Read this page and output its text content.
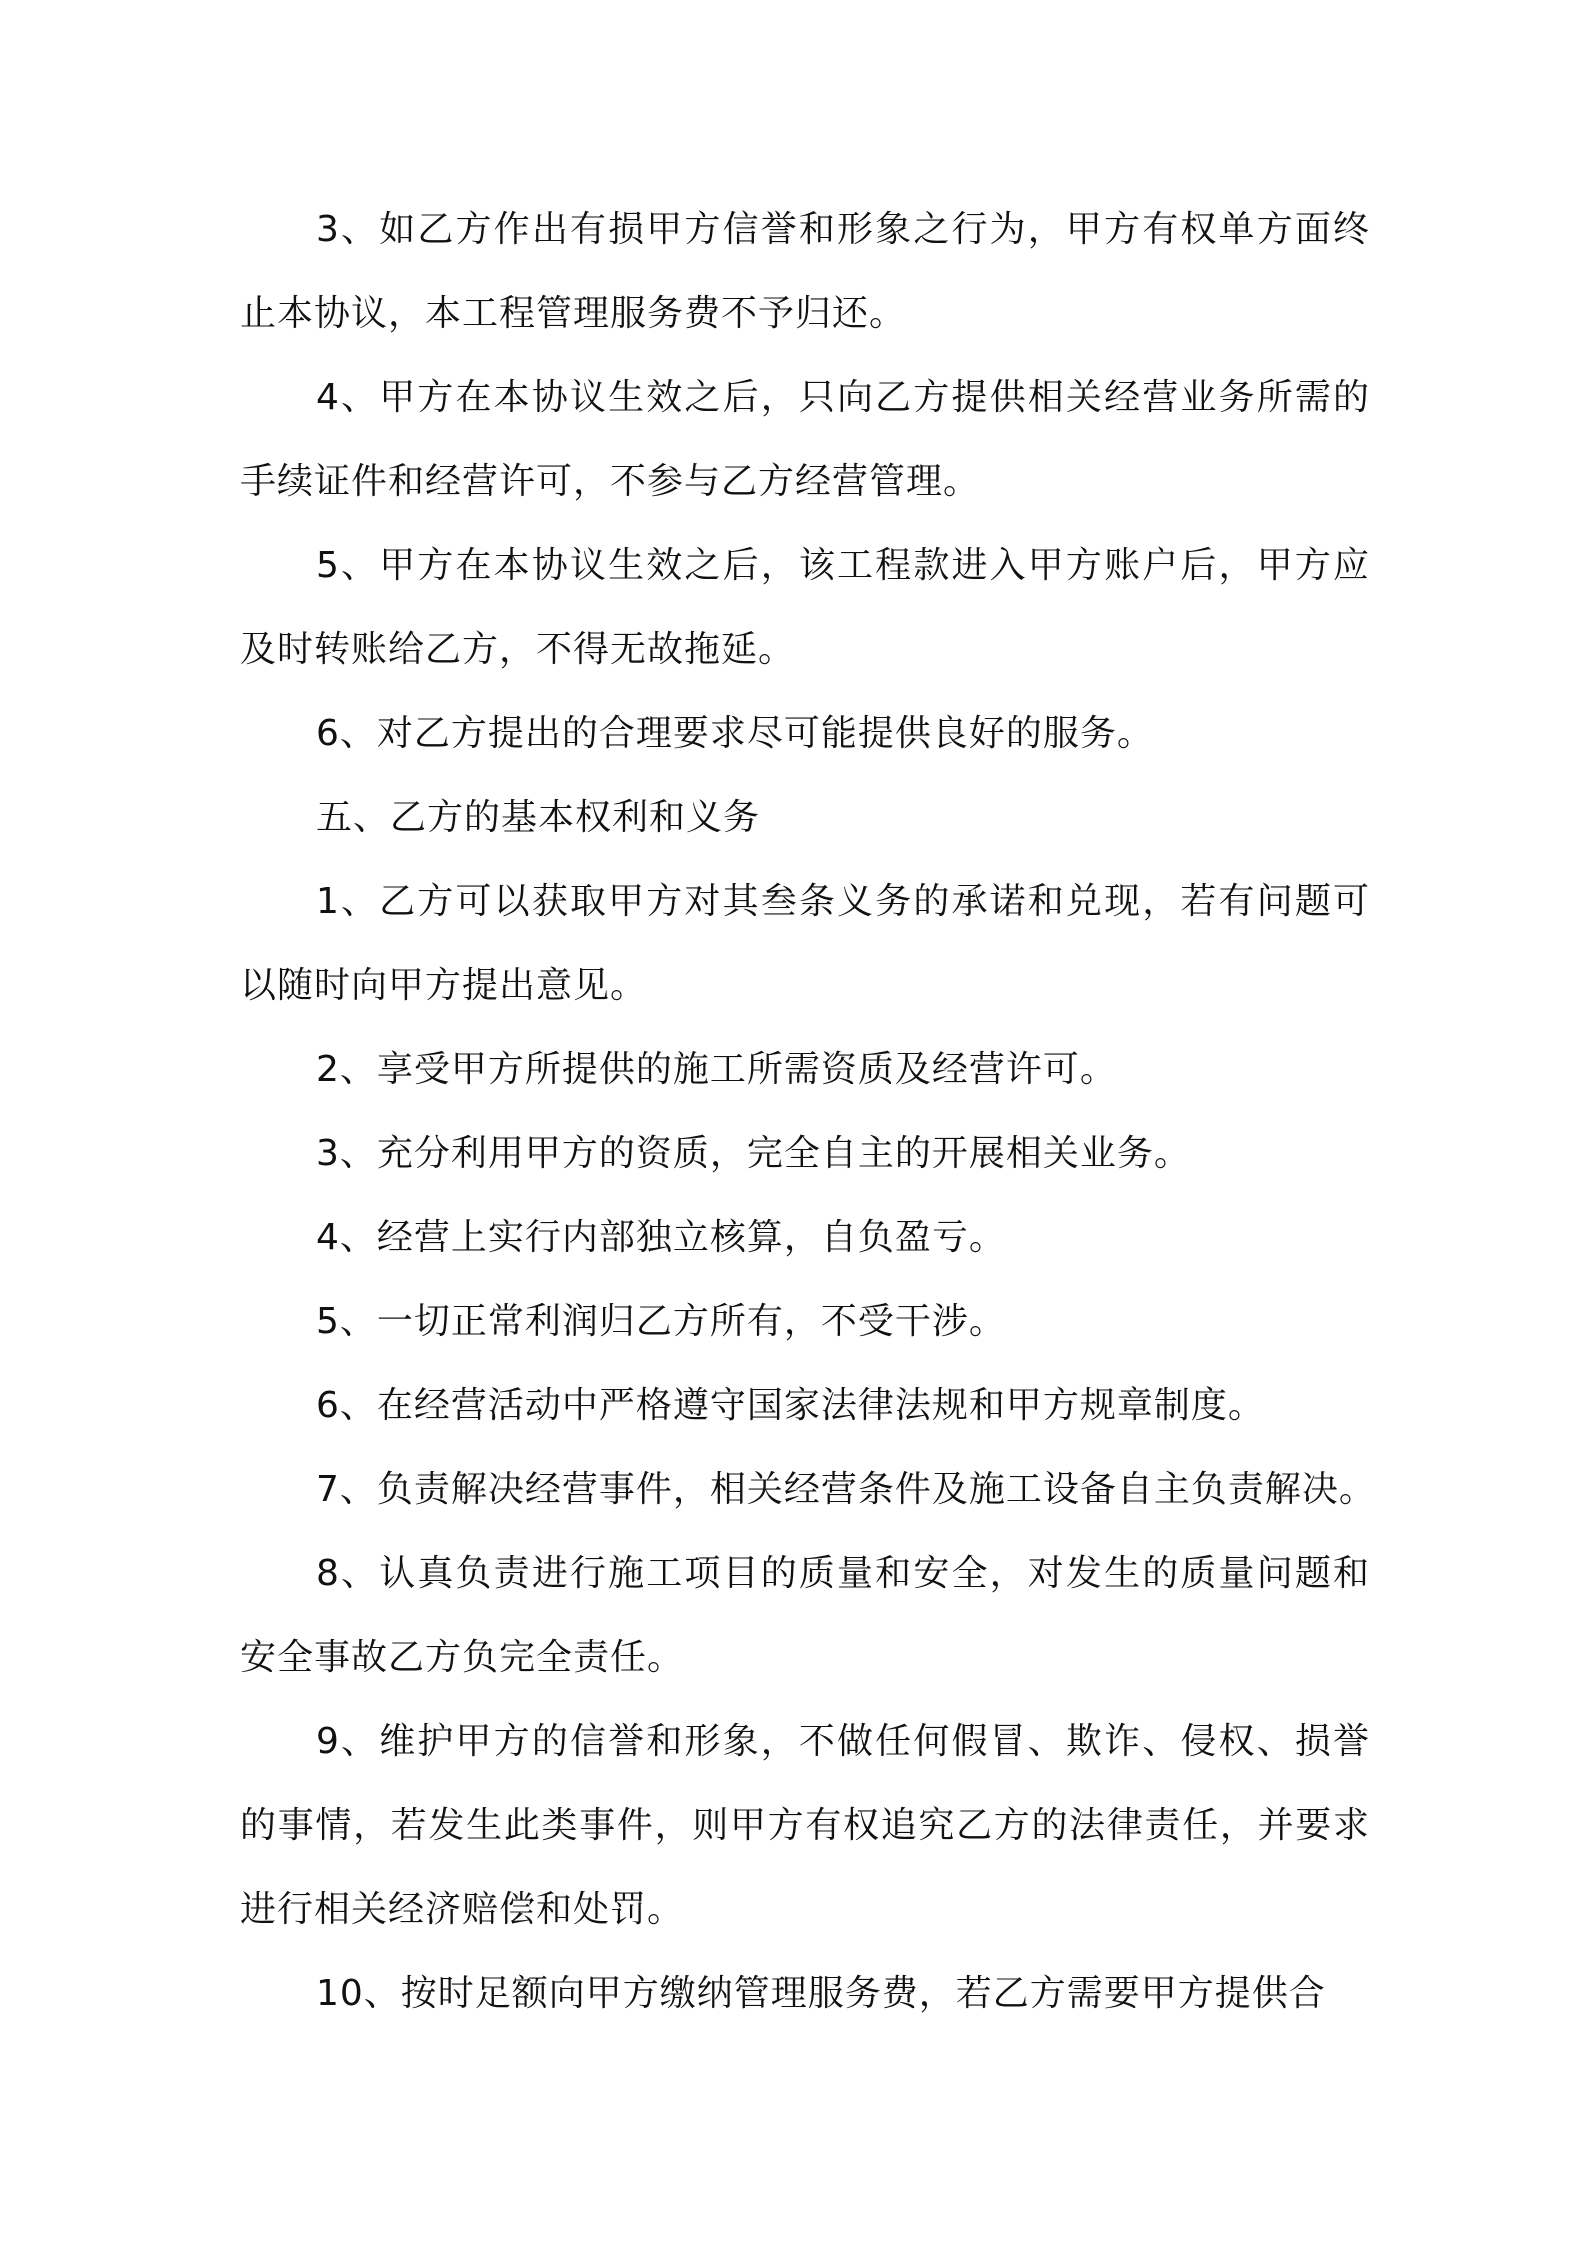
3、如乙方作出有损甲方信誉和形象之行为，甲方有权单方面终止本协议，本工程管理服务费不予归还。

4、甲方在本协议生效之后，只向乙方提供相关经营业务所需的手续证件和经营许可，不参与乙方经营管理。

5、甲方在本协议生效之后，该工程款进入甲方账户后，甲方应及时转账给乙方，不得无故拖延。

6、对乙方提出的合理要求尽可能提供良好的服务。

五、乙方的基本权利和义务

1、乙方可以获取甲方对其叁条义务的承诺和兑现，若有问题可以随时向甲方提出意见。

2、享受甲方所提供的施工所需资质及经营许可。

3、充分利用甲方的资质，完全自主的开展相关业务。

4、经营上实行内部独立核算，自负盈亏。

5、一切正常利润归乙方所有，不受干涉。

6、在经营活动中严格遵守国家法律法规和甲方规章制度。

7、负责解决经营事件，相关经营条件及施工设备自主负责解决。

8、认真负责进行施工项目的质量和安全，对发生的质量问题和安全事故乙方负完全责任。

9、维护甲方的信誉和形象，不做任何假冒、欺诈、侵权、损誉的事情，若发生此类事件，则甲方有权追究乙方的法律责任，并要求进行相关经济赔偿和处罚。

10、按时足额向甲方缴纳管理服务费，若乙方需要甲方提供合
